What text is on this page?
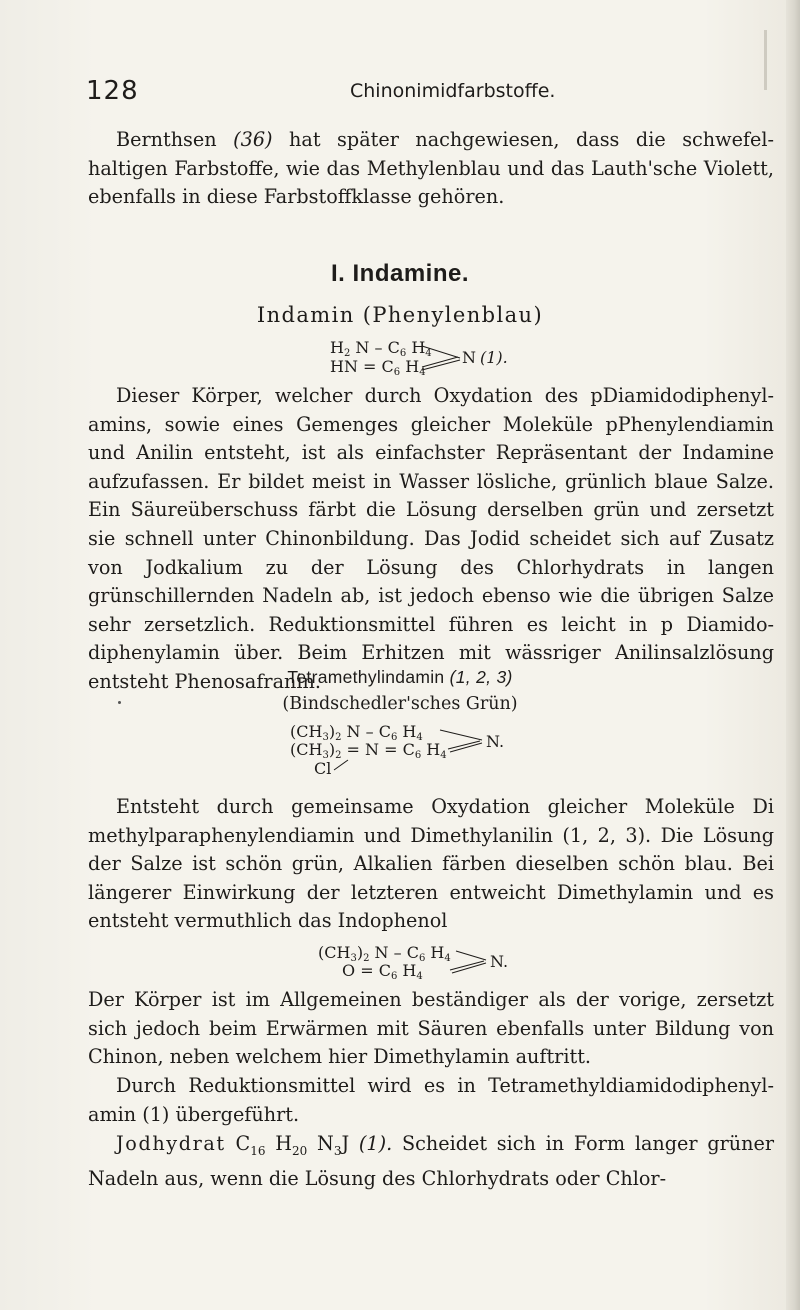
128	Chinonimidfarbstoffe.

Bernthsen (36) hat später nachgewiesen, dass die schwefel-haltigen Farbstoffe, wie das Methylenblau und das Lauth'sche Violett, ebenfalls in diese Farbstoffklasse gehören.

I. Indamine.
Indamin (Phenylenblau)
$H_2$ N – $C_6$ $H_4$
HN = $C_6$ $H_4$
N (1).

Dieser Körper, welcher durch Oxydation des pDiamidodiphenyl-amins, sowie eines Gemenges gleicher Moleküle pPhenylendiamin und Anilin entsteht, ist als einfachster Repräsentant der Indamine aufzufassen. Er bildet meist in Wasser lösliche, grünlich blaue Salze. Ein Säureüberschuss färbt die Lösung derselben grün und zersetzt sie schnell unter Chinonbildung. Das Jodid scheidet sich auf Zusatz von Jodkalium zu der Lösung des Chlorhydrats in langen grünschillernden Nadeln ab, ist jedoch ebenso wie die übrigen Salze sehr zersetzlich. Reduktionsmittel führen es leicht in p Diamido-diphenylamin über. Beim Erhitzen mit wässriger Anilinsalzlösung entsteht Phenosafranin.

Tetramethylindamin (1, 2, 3)
(Bindschedler'sches Grün)
$(CH_3)_2$ N – $C_6$ $H_4$
$(CH_3)_2 = N = C_6$ $H_4$
Cl
N.

Entsteht durch gemeinsame Oxydation gleicher Moleküle Di methylparaphenylendiamin und Dimethylanilin (1, 2, 3). Die Lösung der Salze ist schön grün, Alkalien färben dieselben schön blau. Bei längerer Einwirkung der letzteren entweicht Dimethylamin und es entsteht vermuthlich das Indophenol

$(CH_3)_2$ N – $C_6$ $H_4$
$O = C_6$ $H_4$
N.

Der Körper ist im Allgemeinen beständiger als der vorige, zersetzt sich jedoch beim Erwärmen mit Säuren ebenfalls unter Bildung von Chinon, neben welchem hier Dimethylamin auftritt.

Durch Reduktionsmittel wird es in Tetramethyldiamidodiphenyl-amin (1) übergeführt.

Jodhydrat $C_{16}$ $H_{20}$ $N_3J$ (1). Scheidet sich in Form langer grüner Nadeln aus, wenn die Lösung des Chlorhydrats oder Chlor-
